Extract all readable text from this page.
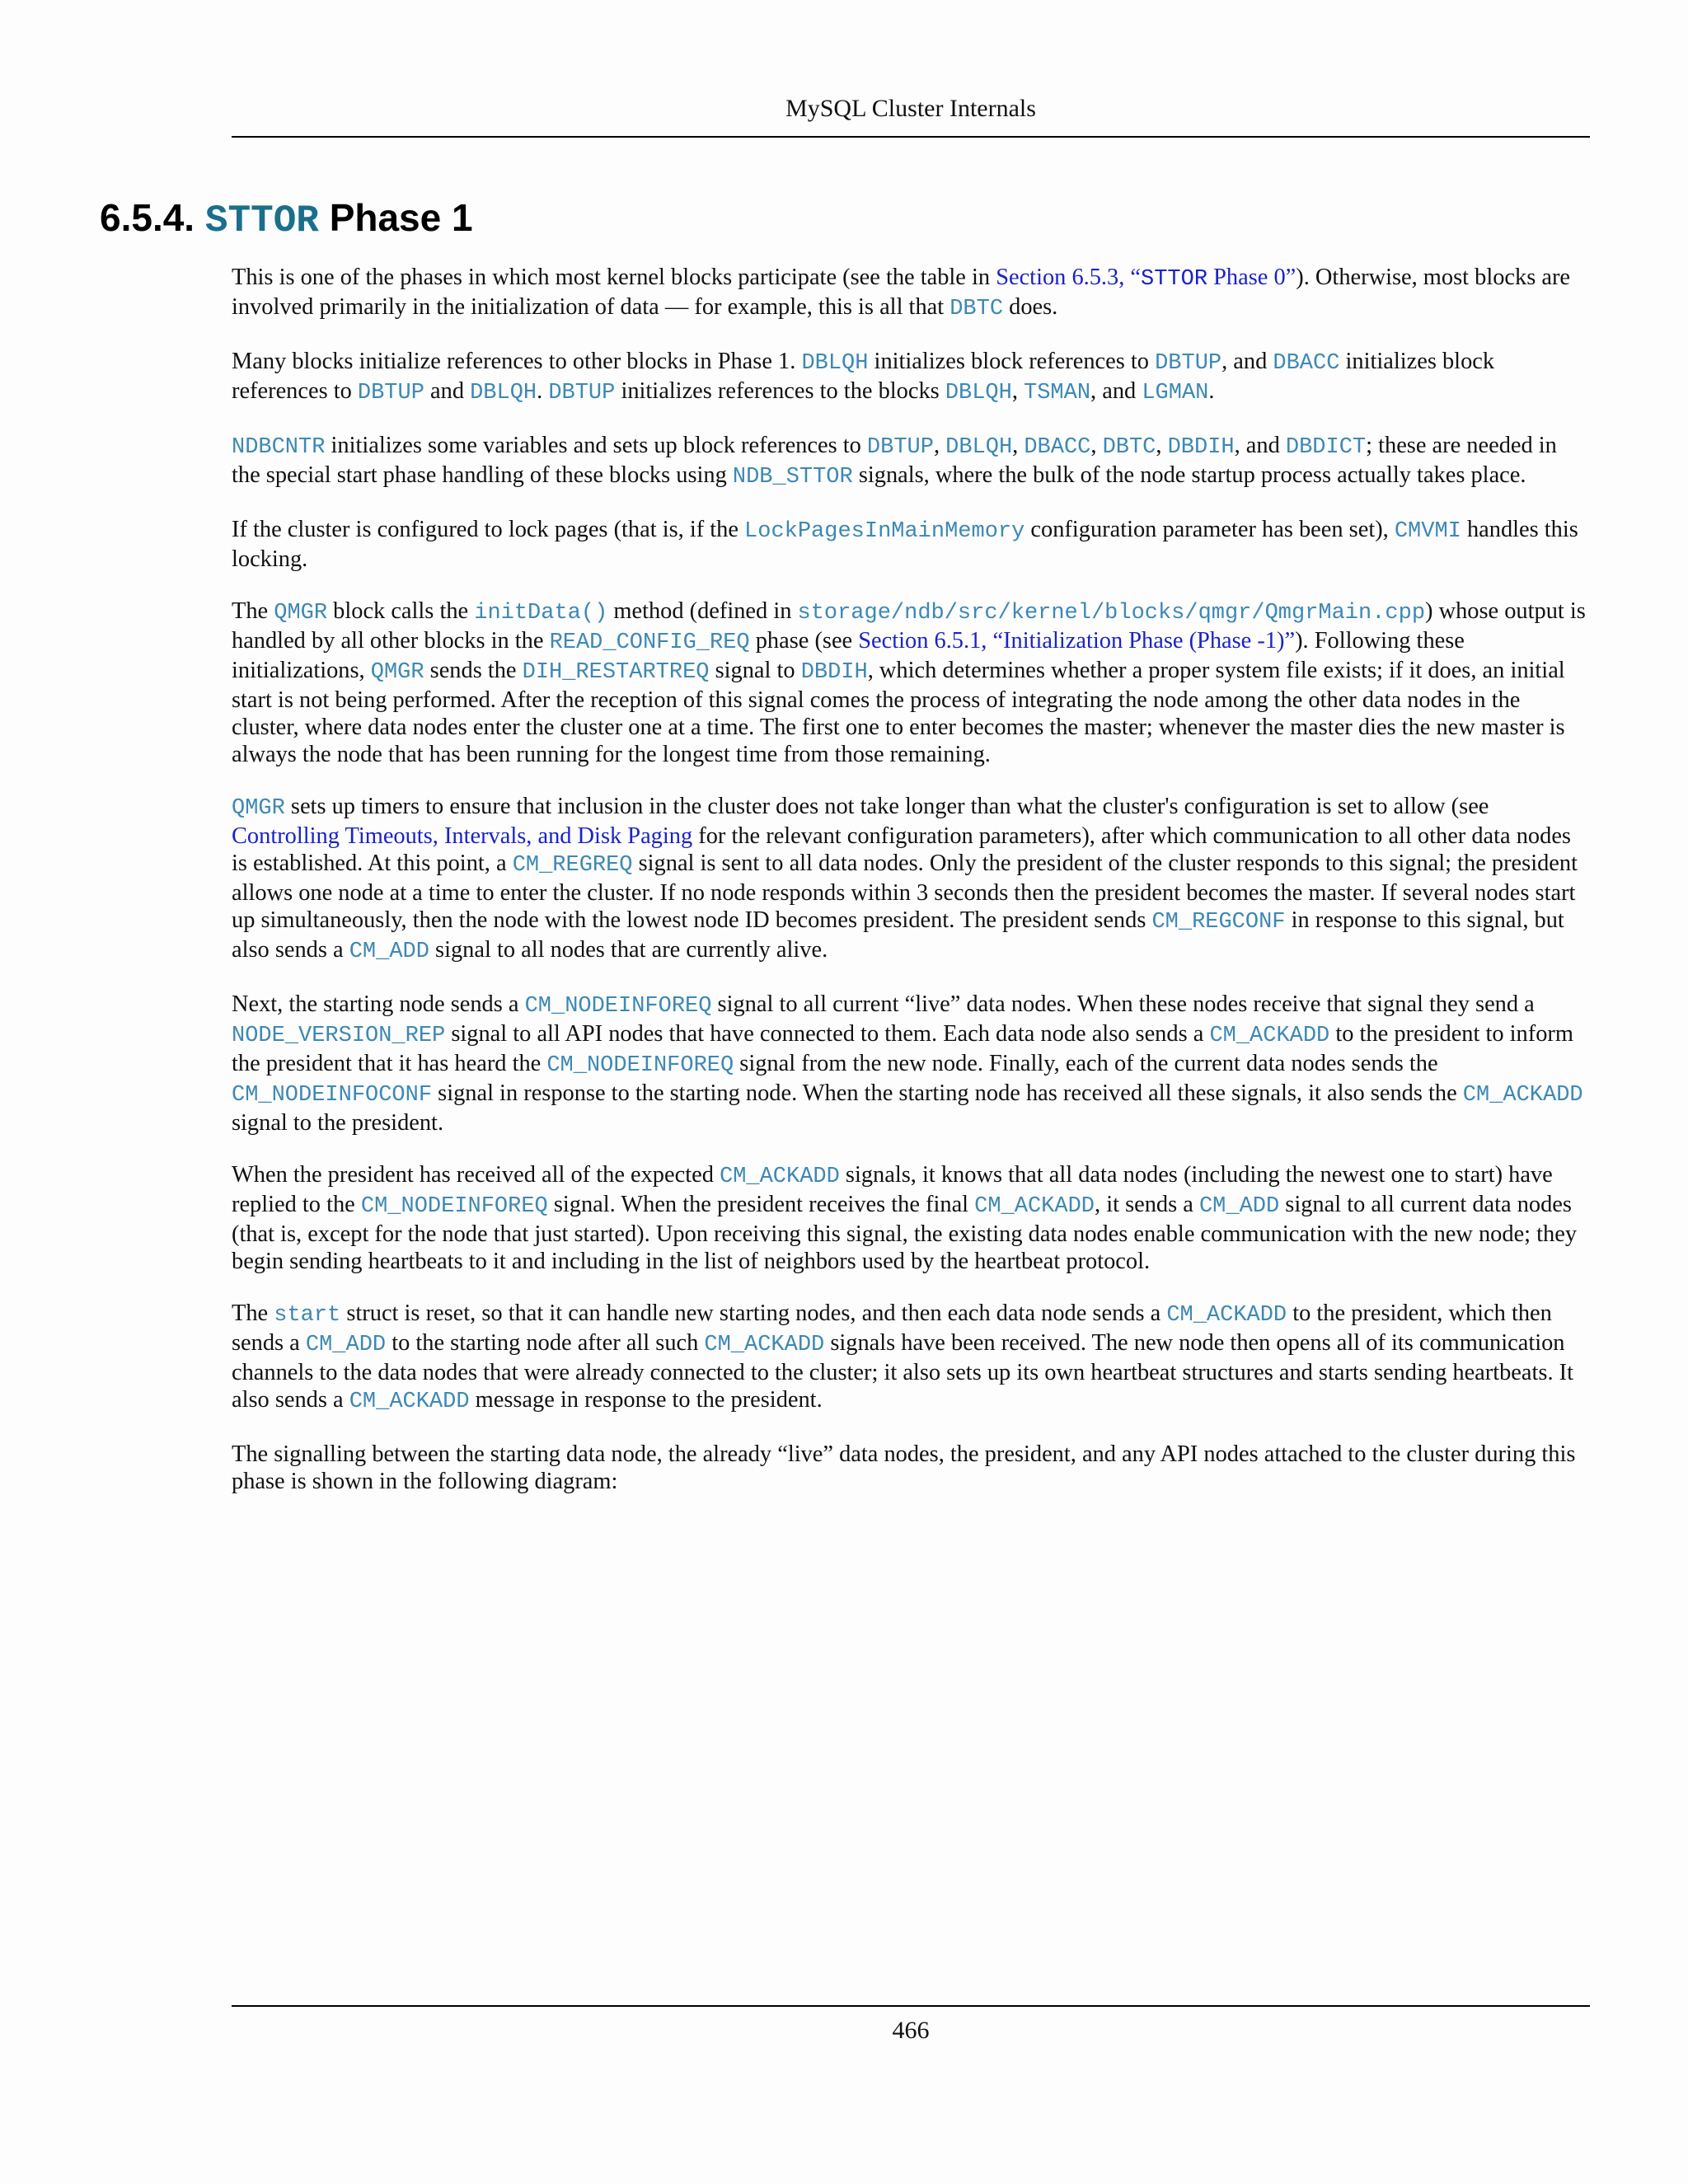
MySQL Cluster Internals
6.5.4. STTOR Phase 1

This is one of the phases in which most kernel blocks participate (see the table in Section 6.5.3, “STTOR Phase 0”). Otherwise, most blocks are involved primarily in the initialization of data — for example, this is all that DBTC does.

Many blocks initialize references to other blocks in Phase 1. DBLQH initializes block references to DBTUP, and DBACC initializes block references to DBTUP and DBLQH. DBTUP initializes references to the blocks DBLQH, TSMAN, and LGMAN.

NDBCNTR initializes some variables and sets up block references to DBTUP, DBLQH, DBACC, DBTC, DBDIH, and DBDICT; these are needed in the special start phase handling of these blocks using NDB_STTOR signals, where the bulk of the node startup process actually takes place.

If the cluster is configured to lock pages (that is, if the LockPagesInMainMemory configuration parameter has been set), CMVMI handles this locking.

The QMGR block calls the initData() method (defined in storage/ndb/src/kernel/blocks/qmgr/QmgrMain.cpp) whose output is handled by all other blocks in the READ_CONFIG_REQ phase (see Section 6.5.1, “Initialization Phase (Phase -1)”). Following these initializations, QMGR sends the DIH_RESTARTREQ signal to DBDIH, which determines whether a proper system file exists; if it does, an initial start is not being performed. After the reception of this signal comes the process of integrating the node among the other data nodes in the cluster, where data nodes enter the cluster one at a time. The first one to enter becomes the master; whenever the master dies the new master is always the node that has been running for the longest time from those remaining.

QMGR sets up timers to ensure that inclusion in the cluster does not take longer than what the cluster's configuration is set to allow (see Controlling Timeouts, Intervals, and Disk Paging for the relevant configuration parameters), after which communication to all other data nodes is established. At this point, a CM_REGREQ signal is sent to all data nodes. Only the president of the cluster responds to this signal; the president allows one node at a time to enter the cluster. If no node responds within 3 seconds then the president becomes the master. If several nodes start up simultaneously, then the node with the lowest node ID becomes president. The president sends CM_REGCONF in response to this signal, but also sends a CM_ADD signal to all nodes that are currently alive.

Next, the starting node sends a CM_NODEINFOREQ signal to all current “live” data nodes. When these nodes receive that signal they send a NODE_VERSION_REP signal to all API nodes that have connected to them. Each data node also sends a CM_ACKADD to the president to inform the president that it has heard the CM_NODEINFOREQ signal from the new node. Finally, each of the current data nodes sends the CM_NODEINFOCONF signal in response to the starting node. When the starting node has received all these signals, it also sends the CM_ACKADD signal to the president.

When the president has received all of the expected CM_ACKADD signals, it knows that all data nodes (including the newest one to start) have replied to the CM_NODEINFOREQ signal. When the president receives the final CM_ACKADD, it sends a CM_ADD signal to all current data nodes (that is, except for the node that just started). Upon receiving this signal, the existing data nodes enable communication with the new node; they begin sending heartbeats to it and including in the list of neighbors used by the heartbeat protocol.

The start struct is reset, so that it can handle new starting nodes, and then each data node sends a CM_ACKADD to the president, which then sends a CM_ADD to the starting node after all such CM_ACKADD signals have been received. The new node then opens all of its communication channels to the data nodes that were already connected to the cluster; it also sets up its own heartbeat structures and starts sending heartbeats. It also sends a CM_ACKADD message in response to the president.

The signalling between the starting data node, the already “live” data nodes, the president, and any API nodes attached to the cluster during this phase is shown in the following diagram:

466
